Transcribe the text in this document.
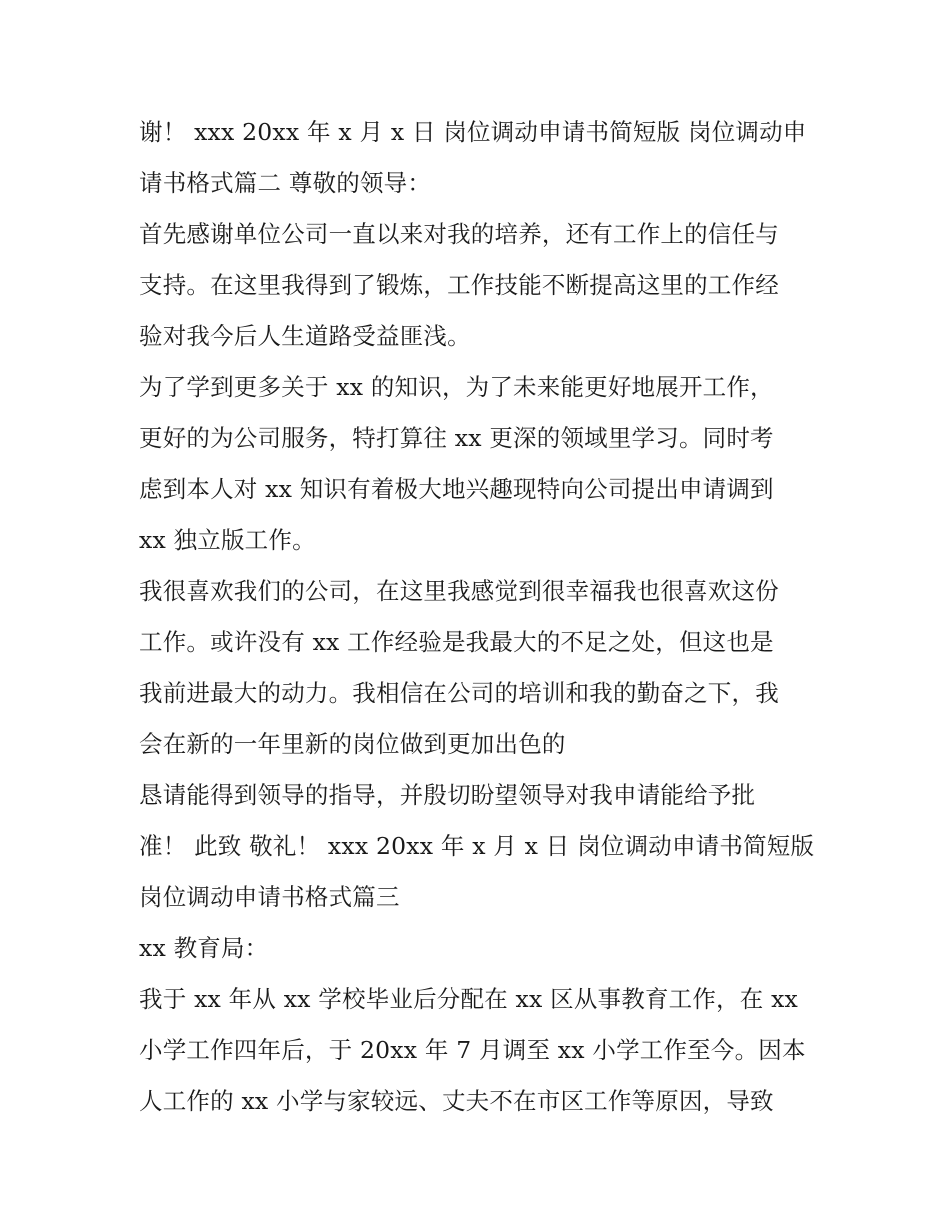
谢！ xxx 20xx 年 x 月 x 日 岗位调动申请书简短版 岗位调动申
请书格式篇二 尊敬的领导：
首先感谢单位公司一直以来对我的培养，还有工作上的信任与
支持。在这里我得到了锻炼，工作技能不断提高这里的工作经
验对我今后人生道路受益匪浅。
为了学到更多关于 xx 的知识，为了未来能更好地展开工作，
更好的为公司服务，特打算往 xx 更深的领域里学习。同时考
虑到本人对 xx 知识有着极大地兴趣现特向公司提出申请调到
xx 独立版工作。
我很喜欢我们的公司，在这里我感觉到很幸福我也很喜欢这份
工作。或许没有 xx 工作经验是我最大的不足之处，但这也是
我前进最大的动力。我相信在公司的培训和我的勤奋之下，我
会在新的一年里新的岗位做到更加出色的
恳请能得到领导的指导，并殷切盼望领导对我申请能给予批
准！ 此致 敬礼！ xxx 20xx 年 x 月 x 日 岗位调动申请书简短版
岗位调动申请书格式篇三
xx 教育局：
我于 xx 年从 xx 学校毕业后分配在 xx 区从事教育工作，在 xx
小学工作四年后，于 20xx 年 7 月调至 xx 小学工作至今。因本
人工作的 xx 小学与家较远、丈夫不在市区工作等原因，导致
